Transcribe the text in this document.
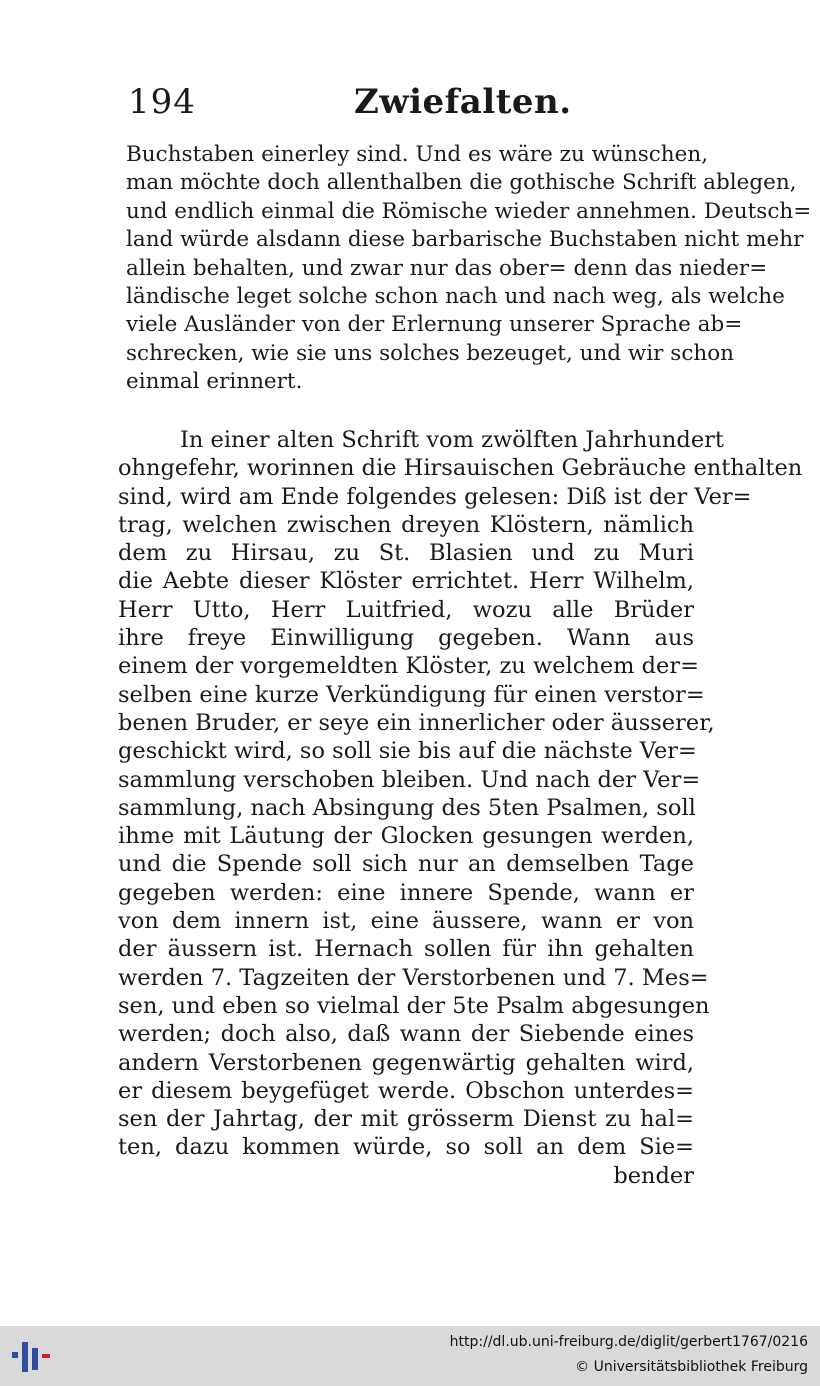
194	Zwiefalten.
Buchstaben einerley sind. Und es wäre zu wünschen,
man möchte doch allenthalben die gothische Schrift ablegen,
und endlich einmal die Römische wieder annehmen. Deutsch=
land würde alsdann diese barbarische Buchstaben nicht mehr
allein behalten, und zwar nur das ober= denn das nieder=
ländische leget solche schon nach und nach weg, als welche
viele Ausländer von der Erlernung unserer Sprache ab=
schrecken, wie sie uns solches bezeuget, und wir schon
einmal erinnert.
In einer alten Schrift vom zwölften Jahrhundert
ohngefehr, worinnen die Hirsauischen Gebräuche enthalten
sind, wird am Ende folgendes gelesen: Diß ist der Ver=
trag, welchen zwischen dreyen Klöstern, nämlich
dem zu Hirsau, zu St. Blasien und zu Muri
die Aebte dieser Klöster errichtet. Herr Wilhelm,
Herr Utto, Herr Luitfried, wozu alle Brüder
ihre freye Einwilligung gegeben. Wann aus
einem der vorgemeldten Klöster, zu welchem der=
selben eine kurze Verkündigung für einen verstor=
benen Bruder, er seye ein innerlicher oder äusserer,
geschickt wird, so soll sie bis auf die nächste Ver=
sammlung verschoben bleiben. Und nach der Ver=
sammlung, nach Absingung des 5ten Psalmen, soll
ihme mit Läutung der Glocken gesungen werden,
und die Spende soll sich nur an demselben Tage
gegeben werden: eine innere Spende, wann er
von dem innern ist, eine äussere, wann er von
der äussern ist. Hernach sollen für ihn gehalten
werden 7. Tagzeiten der Verstorbenen und 7. Mes=
sen, und eben so vielmal der 5te Psalm abgesungen
werden; doch also, daß wann der Siebende eines
andern Verstorbenen gegenwärtig gehalten wird,
er diesem beygefüget werde. Obschon unterdes=
sen der Jahrtag, der mit grösserm Dienst zu hal=
ten, dazu kommen würde, so soll an dem Sie=
bender
http://dl.ub.uni-freiburg.de/diglit/gerbert1767/0216
© Universitätsbibliothek Freiburg
